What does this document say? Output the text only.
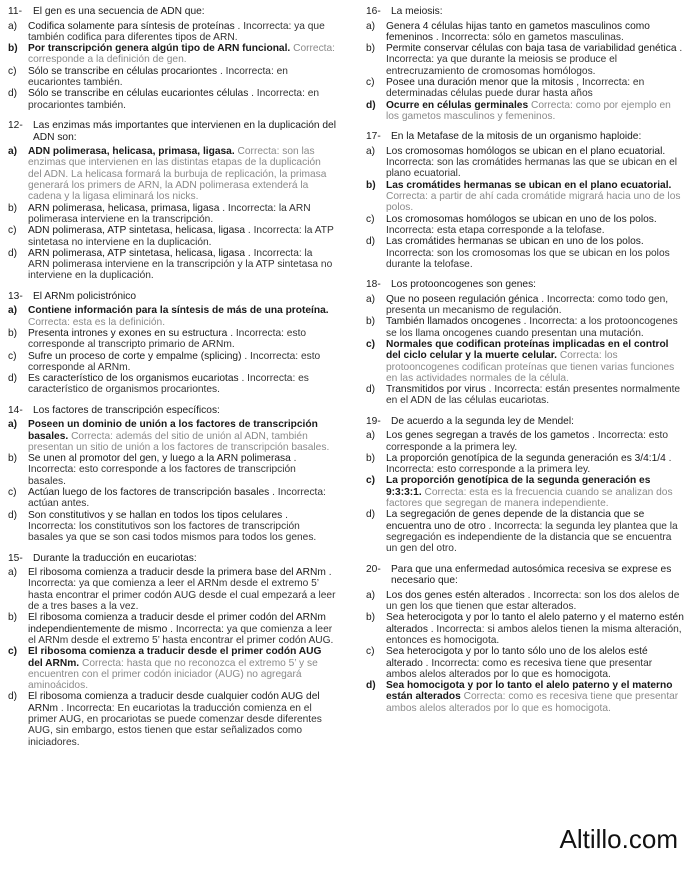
11-	El gen es una secuencia de ADN que:
a)	Codifica solamente para síntesis de proteínas . Incorrecta: ya que también codifica para diferentes tipos de ARN.
b)	Por transcripción genera algún tipo de ARN funcional. Correcta: corresponde a la definición de gen.
c)	Sólo se transcribe en células procariontes . Incorrecta: en eucariontes también.
d)	Sólo se transcribe en células eucariontes células . Incorrecta: en procariontes también.
12-	Las enzimas más importantes que intervienen en la duplicación del ADN son:
a)	ADN polimerasa, helicasa, primasa, ligasa. Correcta: son las enzimas que intervienen en las distintas etapas de la duplicación del ADN. La helicasa formará la burbuja de replicación, la primasa generará los primers de ARN, la ADN polimerasa extenderá la cadena y la ligasa eliminará los nicks.
b)	ARN polimerasa, helicasa, primasa, ligasa . Incorrecta: la ARN polimerasa interviene en la transcripción.
c)	ADN polimerasa, ATP sintetasa, helicasa, ligasa . Incorrecta: la ATP sintetasa no interviene en la duplicación.
d)	ARN polimerasa, ATP sintetasa, helicasa, ligasa . Incorrecta: la ARN polimerasa interviene en la transcripción y la ATP sintetasa no interviene en la duplicación.
13-	El ARNm policistrónico
a)	Contiene información para la síntesis de más de una proteína. Correcta: esta es la definición.
b)	Presenta intrones y exones en su estructura . Incorrecta: esto corresponde al transcripto primario de ARNm.
c)	Sufre un proceso de corte y empalme (splicing) . Incorrecta: esto corresponde al ARNm.
d)	Es característico de los organismos eucariotas . Incorrecta: es característico de organismos procariontes.
14-	Los factores de transcripción específicos:
a)	Poseen un dominio de unión a los factores de transcripción basales. Correcta: además del sitio de unión al ADN, también presentan un sitio de unión a los factores de transcripción basales.
b)	Se unen al promotor del gen, y luego a la ARN polimerasa . Incorrecta: esto corresponde a los factores de transcripción basales.
c)	Actúan luego de los factores de transcripción basales . Incorrecta: actúan antes.
d)	Son constitutivos y se hallan en todos los tipos celulares . Incorrecta: los constitutivos son los factores de transcripción basales ya que se son casi todos mismos para todos los genes.
15-	Durante la traducción en eucariotas:
a)	El ribosoma comienza a traducir desde la primera base del ARNm . Incorrecta: ya que comienza a leer el ARNm desde el extremo 5’ hasta encontrar el primer codón AUG desde el cual empezará a leer de a tres bases a la vez.
b)	El ribosoma comienza a traducir desde el primer codón del ARNm independientemente de mismo . Incorrecta: ya que comienza a leer el ARNm desde el extremo 5’ hasta encontrar el primer codón AUG.
c)	El ribosoma comienza a traducir desde el primer codón AUG del ARNm. Correcta: hasta que no reconozca el extremo 5’ y se encuentren con el primer codón iniciador (AUG) no agregará aminoácidos.
d)	El ribosoma comienza a traducir desde cualquier codón AUG del ARNm . Incorrecta: En eucariotas la traducción comienza en el primer AUG, en procariotas se puede comenzar desde diferentes AUG, sin embargo, estos tienen que estar señalizados como iniciadores.
16-	La meiosis:
a)	Genera 4 células hijas tanto en gametos masculinos como femeninos . Incorrecta: sólo en gametos masculinas.
b)	Permite conservar células con baja tasa de variabilidad genética . Incorrecta: ya que durante la meiosis se produce el entrecruzamiento de cromosomas homólogos.
c)	Posee una duración menor que la mitosis , Incorrecta: en determinadas células puede durar hasta años
d)	Ocurre en células germinales Correcta: como por ejemplo en los gametos masculinos y femeninos.
17-	En la Metafase de la mitosis de un organismo haploide:
a)	Los cromosomas homólogos se ubican en el plano ecuatorial. Incorrecta: son las cromátides hermanas las que se ubican en el plano ecuatorial.
b)	Las cromátides hermanas se ubican en el plano ecuatorial. Correcta: a partir de ahí cada cromátide migrará hacia uno de los polos.
c)	Los cromosomas homólogos se ubican en uno de los polos. Incorrecta: esta etapa corresponde a la telofase.
d)	Las cromátides hermanas se ubican en uno de los polos. Incorrecta: son los cromosomas los que se ubican en los polos durante la telofase.
18-	Los protooncogenes son genes:
a)	Que no poseen regulación génica . Incorrecta: como todo gen, presenta un mecanismo de regulación.
b)	También llamados oncogenes . Incorrecta: a los protooncogenes se los llama oncogenes cuando presentan una mutación.
c)	Normales que codifican proteínas implicadas en el control del ciclo celular y la muerte celular. Correcta: los protooncogenes codifican proteínas que tienen varias funciones en las actividades normales de la célula.
d)	Transmitidos por virus . Incorrecta: están presentes normalmente en el ADN de las células eucariotas.
19-	De acuerdo a la segunda ley de Mendel:
a)	Los genes segregan a través de los gametos . Incorrecta: esto corresponde a la primera ley.
b)	La proporción genotípica de la segunda generación es 3/4:1/4 . Incorrecta: esto corresponde a la primera ley.
c)	La proporción genotípica de la segunda generación es 9:3:3:1. Correcta: esta es la frecuencia cuando se analizan dos factores que segregan de manera independiente.
d)	La segregación de genes depende de la distancia que se encuentra uno de otro . Incorrecta: la segunda ley plantea que la segregación es independiente de la distancia que se encuentra un gen del otro.
20-	Para que una enfermedad autosómica recesiva se exprese es necesario que:
a)	Los dos genes estén alterados . Incorrecta: son los dos alelos de un gen los que tienen que estar alterados.
b)	Sea heterocigota y por lo tanto el alelo paterno y el materno estén alterados . Incorrecta: si ambos alelos tienen la misma alteración, entonces es homocigota.
c)	Sea heterocigota y por lo tanto sólo uno de los alelos esté alterado . Incorrecta: como es recesiva tiene que presentar ambos alelos alterados por lo que es homocigota.
d)	Sea homocigota y por lo tanto el alelo paterno y el materno están alterados Correcta: como es recesiva tiene que presentar ambos alelos alterados por lo que es homocigota.
Altillo.com
